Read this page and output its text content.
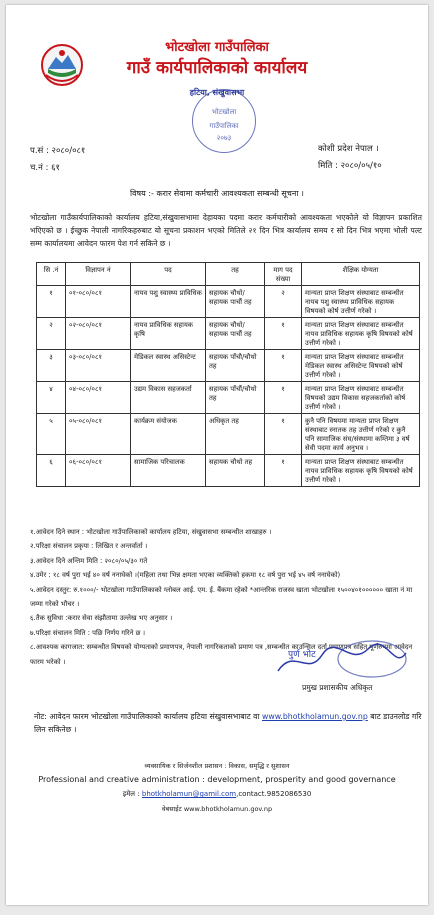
भोटखोला गाउँपालिका
गाउँ कार्यपालिकाको कार्यालय
हटिया, संखुवासभा
भोटखोला
गाउँपालिका
२०७३
प.सं : २०८०/०८१
च.नं : ६१
कोशी प्रदेश नेपाल ।
मिति : २०८०/०५/१०
विषय :- करार सेवामा कर्मचारी आवश्यकता सम्बन्धी सूचना ।
भोटखोला गाउँकार्यपालिकाको कार्यालय हटिया,संखुवासभामा देहायका पदमा करार कर्मचारीको आवश्यकता भएकोले यो विज्ञापन प्रकाशित भएिएको छ । ईच्छुक नेपाली नागरिकहरुबाट यो सूचना प्रकाशन भएको मितिले २१ दिन भित्र कार्यालय समय र सो दिन भित्र भएमा भोली पल्ट सम्म कार्यालयमा आवेदन फारम पेश गर्न सकिने छ ।
सि .नं	विज्ञापन नं	पद	तह	माग पद संख्या	शैक्षिक योग्यता
१	०१-०८०/०८१	नायव पशु स्वास्थ्य प्राविधिक	सहायक चौथो/सहायक पाचौं तह	२	मान्यता प्राप्त शिक्षण संस्थाबाट सम्बन्धीत नायब पशु स्वास्थ्य प्राविधिक सहायक विषयको कोर्ष उत्तीर्ण गरेको ।
२	०२-०८०/०८१	नायव प्राविधिक सहायक कृषि	सहायक चौथो/सहायक पाचौं तह	१	मान्यता प्राप्त शिक्षण संस्थाबाट सम्बन्धीत नायव प्राविधिक सहायक कृषि विषयको कोर्ष उत्तीर्ण गरेको ।
३	०३-०८०/०८१	मेडिकल स्वास्थ असिस्टेन्ट	सहायक पाँचौ/चौथो तह	१	मान्यता प्राप्त शिक्षण संस्थाबाट सम्बन्धीत मेडिकल स्वास्थ असिस्टेन्ट विषयको कोर्ष उत्तीर्ण गरेको ।
४	०४-०८०/०८१	उद्यम विकास सहजकर्ता	सहायक पाँचौं/चौथो तह	१	मान्यता प्राप्त शिक्षण संस्थाबाट सम्बन्धीत विषयको उद्यम विकास सहजकर्ताको कोर्ष उत्तीर्ण गरेको ।
५	०५-०८०/०८१	कार्यक्रम संयोजक	अधिकृत तह	१	कुनै पनि विषयमा मान्यता प्राप्त शिक्षण संस्थाबाट स्नातक तह उत्तीर्ण गरेको र कुनै पनि सामाजिक संघ/संस्थामा कम्तिमा ३ वर्ष सेवी पदमा कार्य अनुभव ।
६	०६-०८०/०८१	सामाजिक परिचालक	सहायक चौथो तह	१	मान्यता प्राप्त शिक्षण संस्थाबाट सम्बन्धीत नायव प्राविधिक सहायक कृषि विषयको कोर्ष उत्तीर्ण गरेको ।
१.आवेदन दिने स्थान : भोटखोला गाउँपालिकाको कार्यालय हटिया, संखुवासभा सम्बन्धीत शाखाहरु ।
२.परिक्षा संचालन प्रकृया : लिखित र अन्तर्वार्ता ।
३.आवेदन दिने अन्तिम मिति : २०८०/०५/३० गते
४.उमेर : १८ वर्ष पुरा भई ४० वर्ष ननाघेको ।(महिला तथा भिन्न क्षमता भएका व्यक्तिको हकमा १८ वर्ष पुरा भई ४५ वर्ष ननाघेको)
५.आवेदन दस्तुर: रु.१०००/- भोटखोला गाउँपालिकाको ग्लोबल आई. एम. ई. बैंकमा रहेको *आन्तरिक राजस्व खाता भोटखोला १५००४०१०००००० खाता नं मा जम्मा गरेको भौचर ।
६.तैक सुविधा :करार सेवा संझौतामा उल्लेख भए अनुसार ।
७.परिक्षा संचालन मिति : पछि निर्णय गरिने छ ।
८.आवश्यक कागजात: सम्बन्धीत विषयको योग्यताको प्रमाणपत्र, नेपाली नागरिकताको प्रमाण पत्र ,सम्बन्धीत काउन्सिल दर्ता प्रमाणपत्र सहित पूर्णरुपमा आवेदन फारम भरेको ।
पुर्ण भोट
प्रमुख प्रशासकीय अधिकृत
नोट: आवेदन फारम भोटखोला गाउँपालिकाको कार्यालय हटिया संखुवासभाबाट वा www.bhotkholamun.gov.np बाट डाउनलोड गरि लिन सकिनेछ ।
व्यवसायिक र सिर्जनशील प्रशासन : विकास, समृद्धि र सुशासन
Professional and creative administration : development, prosperity and good governance
इमेल : bhotkholamun@gamil.com,contact.9852086530
वेबसाईट www.bhotkholamun.gov.np
